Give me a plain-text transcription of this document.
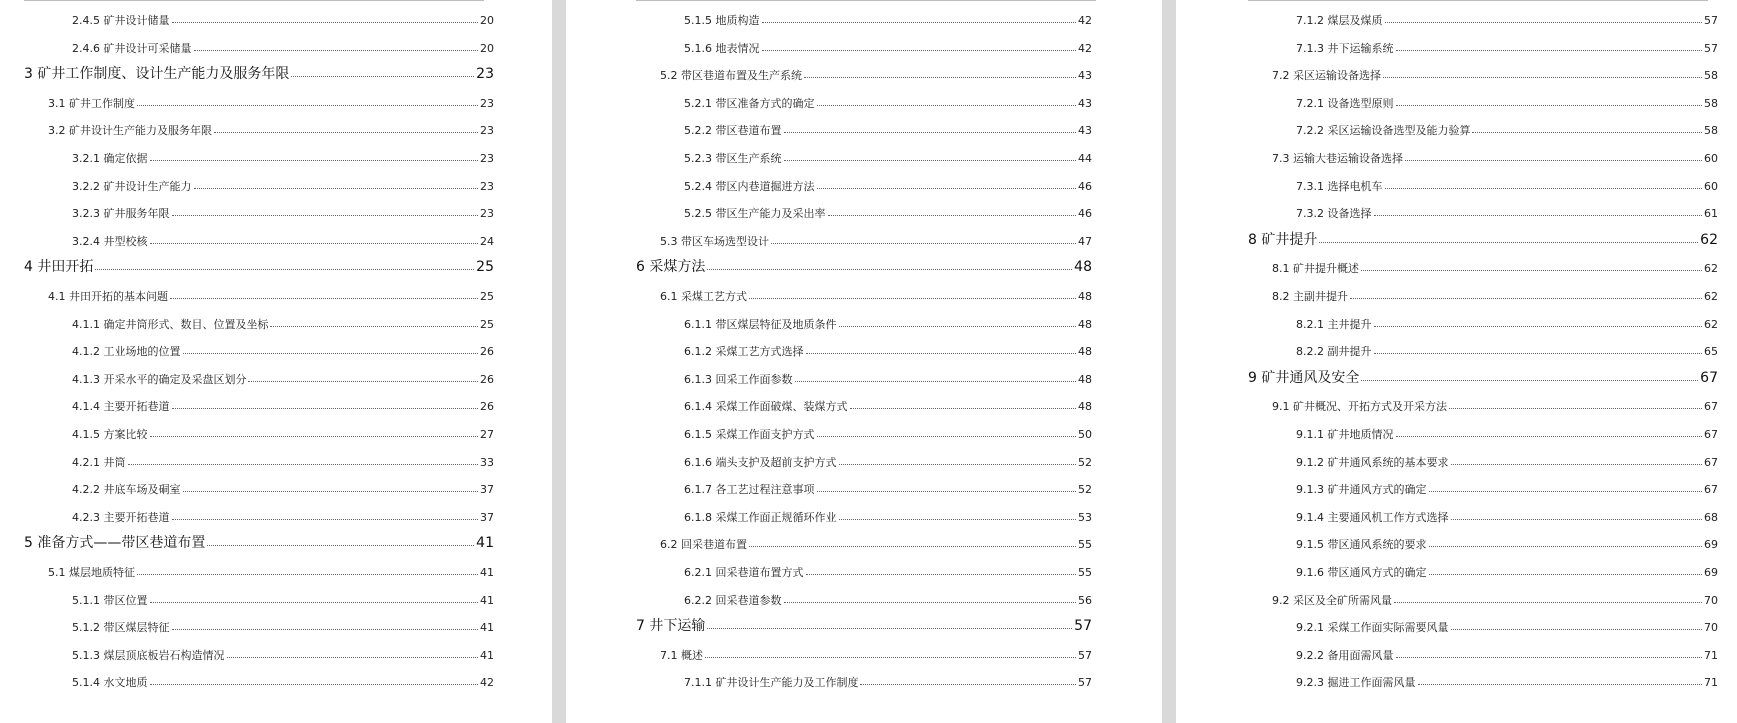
2.4.5 矿井设计储量	20
2.4.6 矿井设计可采储量	20
3 矿井工作制度、设计生产能力及服务年限	23
3.1 矿井工作制度	23
3.2 矿井设计生产能力及服务年限	23
3.2.1 确定依据	23
3.2.2 矿井设计生产能力	23
3.2.3 矿井服务年限	23
3.2.4 井型校核	24
4 井田开拓	25
4.1 井田开拓的基本问题	25
4.1.1 确定井筒形式、数目、位置及坐标	25
4.1.2 工业场地的位置	26
4.1.3 开采水平的确定及采盘区划分	26
4.1.4 主要开拓巷道	26
4.1.5 方案比较	27
4.2.1 井筒	33
4.2.2 井底车场及硐室	37
4.2.3 主要开拓巷道	37
5 准备方式——带区巷道布置	41
5.1 煤层地质特征	41
5.1.1 带区位置	41
5.1.2 带区煤层特征	41
5.1.3 煤层顶底板岩石构造情况	41
5.1.4 水文地质	42
5.1.5 地质构造	42
5.1.6 地表情况	42
5.2 带区巷道布置及生产系统	43
5.2.1 带区准备方式的确定	43
5.2.2 带区巷道布置	43
5.2.3 带区生产系统	44
5.2.4 带区内巷道掘进方法	46
5.2.5 带区生产能力及采出率	46
5.3 带区车场选型设计	47
6 采煤方法	48
6.1 采煤工艺方式	48
6.1.1 带区煤层特征及地质条件	48
6.1.2 采煤工艺方式选择	48
6.1.3 回采工作面参数	48
6.1.4 采煤工作面破煤、装煤方式	48
6.1.5 采煤工作面支护方式	50
6.1.6 端头支护及超前支护方式	52
6.1.7 各工艺过程注意事项	52
6.1.8 采煤工作面正规循环作业	53
6.2 回采巷道布置	55
6.2.1 回采巷道布置方式	55
6.2.2 回采巷道参数	56
7 井下运输	57
7.1 概述	57
7.1.1 矿井设计生产能力及工作制度	57
7.1.2 煤层及煤质	57
7.1.3 井下运输系统	57
7.2 采区运输设备选择	58
7.2.1 设备选型原则	58
7.2.2 采区运输设备选型及能力验算	58
7.3 运输大巷运输设备选择	60
7.3.1 选择电机车	60
7.3.2 设备选择	61
8 矿井提升	62
8.1 矿井提升概述	62
8.2 主副井提升	62
8.2.1 主井提升	62
8.2.2 副井提升	65
9 矿井通风及安全	67
9.1 矿井概况、开拓方式及开采方法	67
9.1.1 矿井地质情况	67
9.1.2 矿井通风系统的基本要求	67
9.1.3 矿井通风方式的确定	67
9.1.4 主要通风机工作方式选择	68
9.1.5 带区通风系统的要求	69
9.1.6 带区通风方式的确定	69
9.2 采区及全矿所需风量	70
9.2.1 采煤工作面实际需要风量	70
9.2.2 备用面需风量	71
9.2.3 掘进工作面需风量	71
